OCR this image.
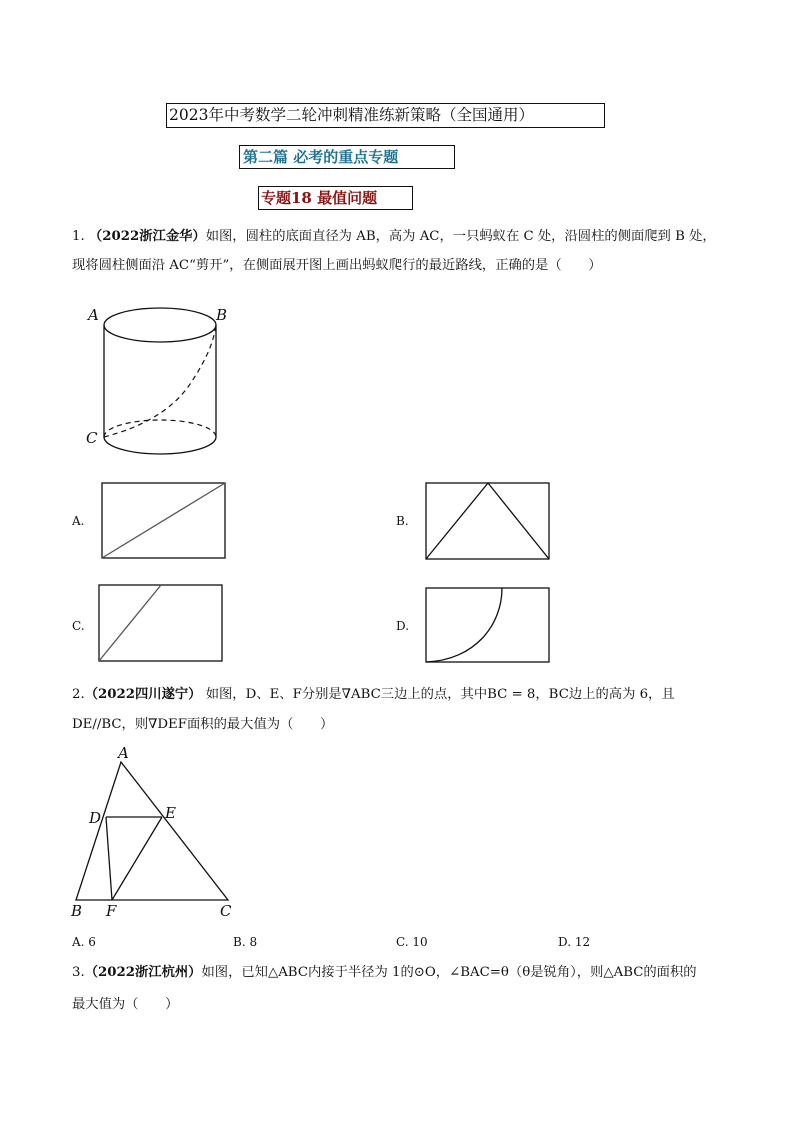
2023年中考数学二轮冲刺精准练新策略（全国通用）
第二篇 必考的重点专题
专题18 最值问题
1. （2022浙江金华）如图，圆柱的底面直径为 AB，高为 AC，一只蚂蚁在 C 处，沿圆柱的侧面爬到 B 处，
现将圆柱侧面沿 AC“剪开”，在侧面展开图上画出蚂蚁爬行的最近路线，正确的是（　　）
A	B
C
A.	B.
C.	D.
2.（2022四川遂宁） 如图，D、E、F分别是∇ABC三边上的点，其中BC = 8，BC边上的高为 6，且
DE//BC，则∇DEF面积的最大值为（　　）
A
D	E
B F	C
A. 6	B. 8	C. 10	D. 12
3.（2022浙江杭州）如图，已知△ABC内接于半径为 1的⊙O，∠BAC=θ（θ是锐角），则△ABC的面积的
最大值为（　　）
